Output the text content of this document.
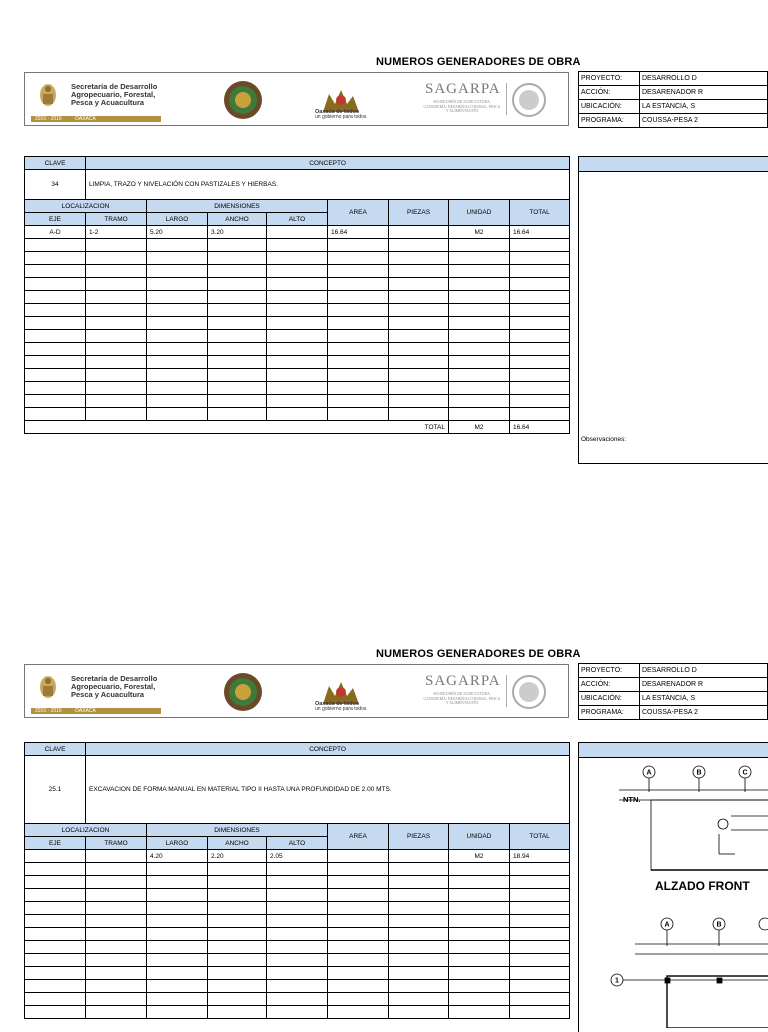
NUMEROS GENERADORES DE OBRA
Secretaría de Desarrollo
Agropecuario, Forestal,
Pesca y Acuacultura
2010 - 2016	OAXACA
Oaxaca de todos
un gobierno para todos
SAGARPA
SECRETARÍA DE AGRICULTURA, GANADERÍA, DESARROLLO RURAL, PESCA Y ALIMENTACIÓN
PROYECTO:	DESARROLLO D
ACCIÓN:	DESARENADOR R
UBICACIÓN:	LA ESTANCIA, S
PROGRAMA:	COUSSA-PESA 2
CLAVE	CONCEPTO							
34	LIMPIA, TRAZO Y NIVELACIÓN CON PASTIZALES Y HIERBAS.							
LOCALIZACION		DIMENSIONES			AREA	PIEZAS	UNIDAD	TOTAL
EJE	TRAMO	LARGO	ANCHO	ALTO				
A-D	1-2	5.20	3.20		16.64		M2	16.64

TOTAL							M2	16.64
Observaciones:
NUMEROS GENERADORES DE OBRA
Secretaría de Desarrollo
Agropecuario, Forestal,
Pesca y Acuacultura
2010 - 2016	OAXACA
Oaxaca de todos
un gobierno para todos
SAGARPA
SECRETARÍA DE AGRICULTURA, GANADERÍA, DESARROLLO RURAL, PESCA Y ALIMENTACIÓN
PROYECTO:	DESARROLLO D
ACCIÓN:	DESARENADOR R
UBICACIÓN:	LA ESTANCIA, S
PROGRAMA:	COUSSA-PESA 2
CLAVE	CONCEPTO							
25.1	EXCAVACION DE FORMA MANUAL EN MATERIAL TIPO II HASTA UNA PROFUNDIDAD DE 2.00 MTS.							
LOCALIZACION		DIMENSIONES			AREA	PIEZAS	UNIDAD	TOTAL
EJE	TRAMO	LARGO	ANCHO	ALTO				
		4.20	2.20	2.05			M2	18.94

A	B	C
A	B
1
NTN.
ALZADO FRONT
